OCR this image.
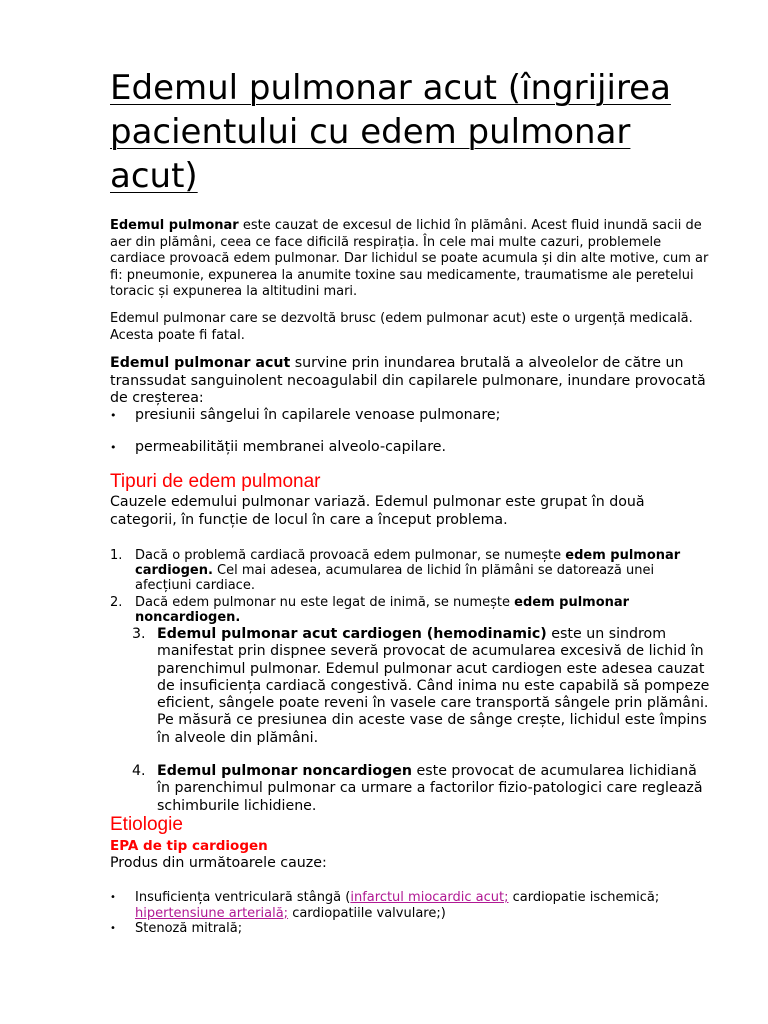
Edemul pulmonar acut (îngrijirea pacientului cu edem pulmonar acut)
Edemul pulmonar este cauzat de excesul de lichid în plămâni. Acest fluid inundă sacii de aer din plămâni, ceea ce face dificilă respirația. În cele mai multe cazuri, problemele cardiace provoacă edem pulmonar. Dar lichidul se poate acumula și din alte motive, cum ar fi: pneumonie, expunerea la anumite toxine sau medicamente, traumatisme ale peretelui toracic și expunerea la altitudini mari.
Edemul pulmonar care se dezvoltă brusc (edem pulmonar acut) este o urgență medicală. Acesta poate fi fatal.
Edemul pulmonar acut survine prin inundarea brutală a alveolelor de către un transsudat sanguinolent necoagulabil din capilarele pulmonare, inundare provocată de creșterea:
• presiunii sângelui în capilarele venoase pulmonare;
• permeabilității membranei alveolo-capilare.
Tipuri de edem pulmonar
Cauzele edemului pulmonar variază. Edemul pulmonar este grupat în două categorii, în funcție de locul în care a început problema.
1. Dacă o problemă cardiacă provoacă edem pulmonar, se numește edem pulmonar cardiogen. Cel mai adesea, acumularea de lichid în plămâni se datorează unei afecțiuni cardiace.
2. Dacă edem pulmonar nu este legat de inimă, se numește edem pulmonar noncardiogen.
3. Edemul pulmonar acut cardiogen (hemodinamic) este un sindrom manifestat prin dispnee severă provocat de acumularea excesivă de lichid în parenchimul pulmonar. Edemul pulmonar acut cardiogen este adesea cauzat de insuficiența cardiacă congestivă. Când inima nu este capabilă să pompeze eficient, sângele poate reveni în vasele care transportă sângele prin plămâni. Pe măsură ce presiunea din aceste vase de sânge crește, lichidul este împins în alveole din plămâni.
4. Edemul pulmonar noncardiogen este provocat de acumularea lichidiană în parenchimul pulmonar ca urmare a factorilor fizio-patologici care reglează schimburile lichidiene.
Etiologie
EPA de tip cardiogen
Produs din următoarele cauze:
• Insuficiența ventriculară stângă (infarctul miocardic acut; cardiopatie ischemică; hipertensiune arterială; cardiopatiile valvulare;)
• Stenoză mitrală;
